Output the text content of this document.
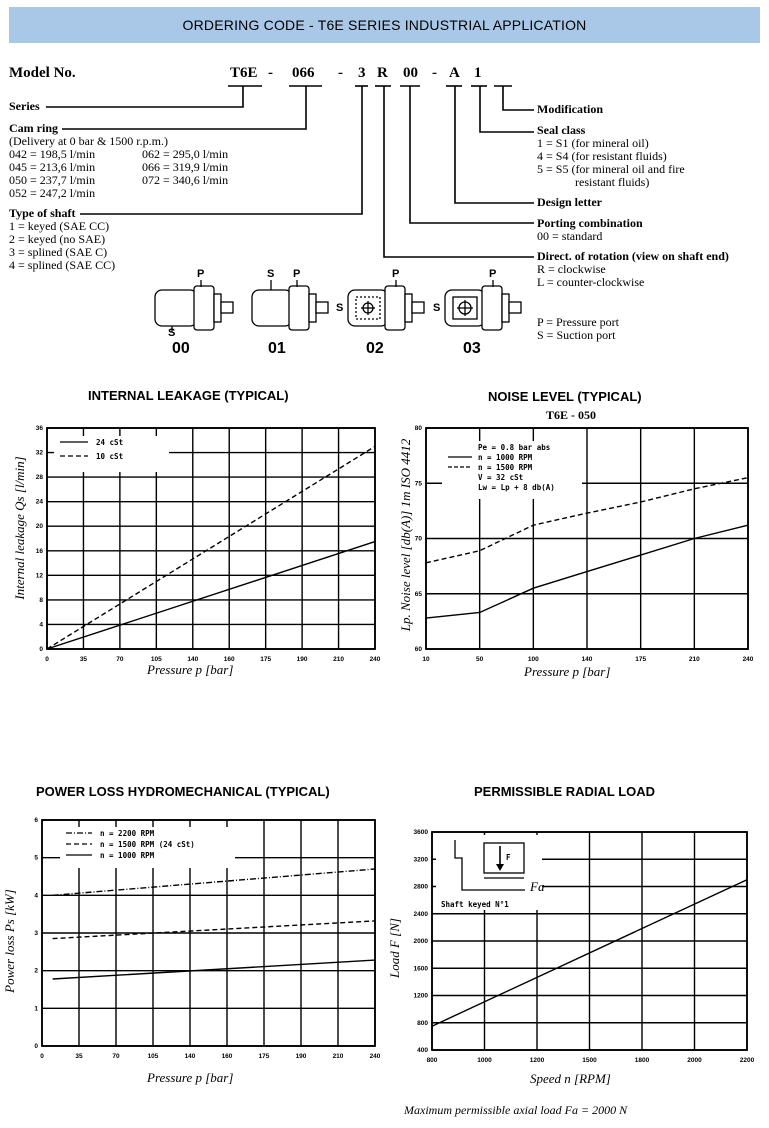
ORDERING CODE - T6E SERIES INDUSTRIAL APPLICATION
Model No.	T6E - 066 - 3 R 00 - A 1
Series
Cam ring
(Delivery at 0 bar & 1500 r.p.m.)
042 = 198,5 l/min
045 = 213,6 l/min
050 = 237,7 l/min
052 = 247,2 l/min
062 = 295,0 l/min
066 = 319,9 l/min
072 = 340,6 l/min
Type of shaft
1 = keyed (SAE CC)
2 = keyed (no SAE)
3 = splined (SAE C)
4 = splined (SAE CC)
Modification
Seal class
1 = S1 (for mineral oil)
4 = S4 (for resistant fluids)
5 = S5 (for mineral oil and fire
resistant fluids)
Design letter
Porting combination
00 = standard
Direct. of rotation (view on shaft end)
R = clockwise
L = counter-clockwise
P = Pressure port
S = Suction port
P
S
S P
S
P
S
P
00	01	02	03
INTERNAL LEAKAGE (TYPICAL)	NOISE LEVEL (TYPICAL)
T6E - 050
POWER LOSS HYDROMECHANICAL (TYPICAL)	PERMISSIBLE RADIAL LOAD
0	35	70	105	140	160	175	190	210	240
0
4
8
12
16
20
24
28
32
36
24 cSt
10 cSt
10	50	100	140	175	210	240
60
65
70
75
80
Pe = 0.8 bar abs
n = 1000 RPM
n = 1500 RPM
V = 32 cSt
Lw = Lp + 8 db(A)
0	35	70	105	140	160	175	190	210	240
0
1
2
3
4
5
6
n = 2200 RPM
n = 1500 RPM (24 cSt)
n = 1000 RPM
800	1000	1200	1500	1800	2000	2200
400
800
1200
1600
2000
2400
2800
3200
3600
F
Fa
Shaft keyed N°1
Pressure p [bar]
Internal leakage Qs [l/min]
Pressure p [bar]
Lp. Noise level [db(A)] 1m ISO 4412
Pressure p [bar]
Power loss Ps [kW]
Speed n [RPM]
Load F [N]
Maximum permissible axial load Fa = 2000 N
